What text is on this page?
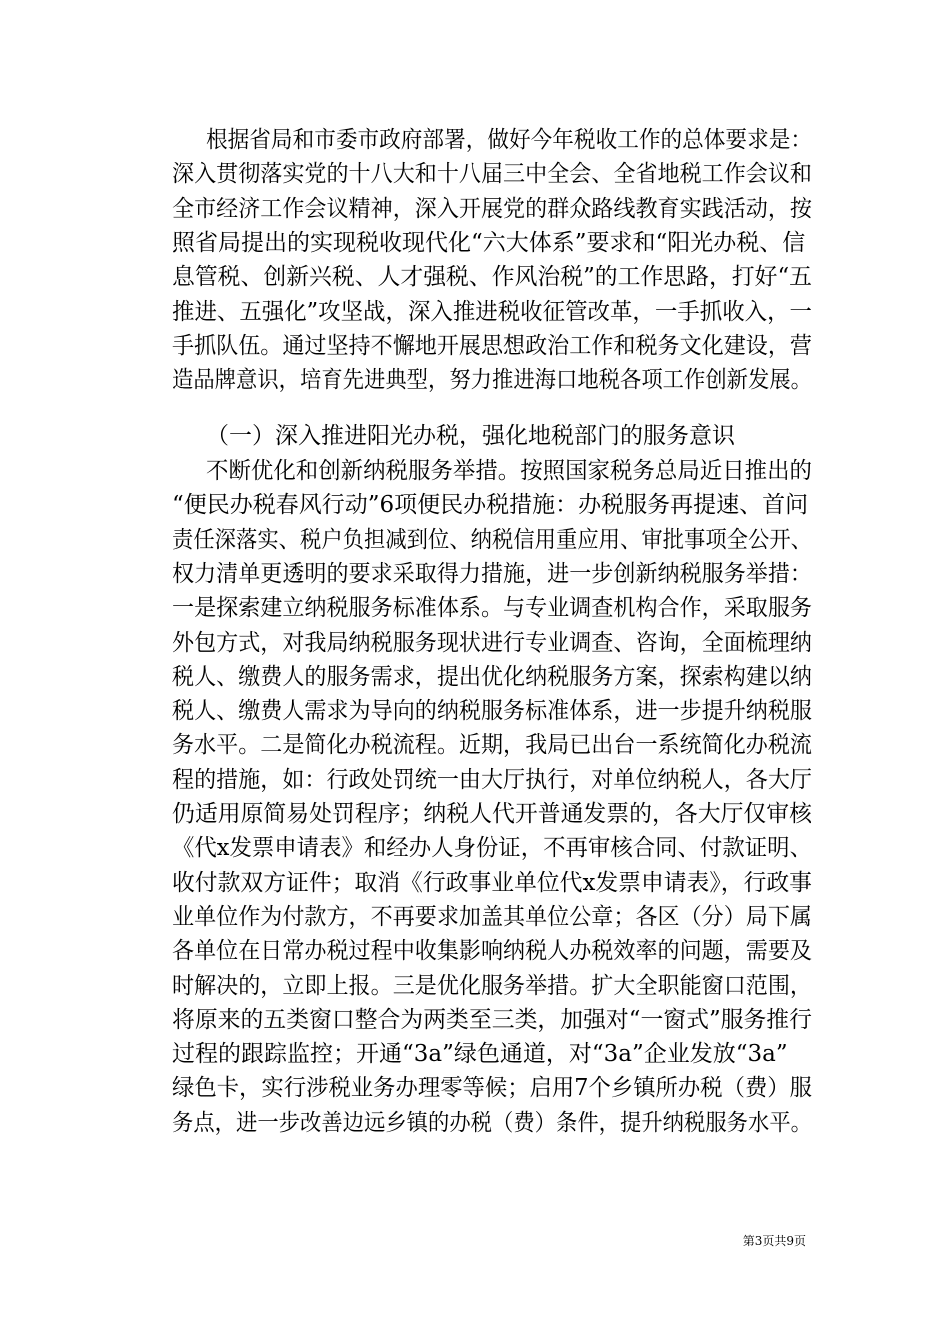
根据省局和市委市政府部署，做好今年税收工作的总体要求是：
深入贯彻落实党的十八大和十八届三中全会、全省地税工作会议和
全市经济工作会议精神，深入开展党的群众路线教育实践活动，按
照省局提出的实现税收现代化“六大体系”要求和“阳光办税、信
息管税、创新兴税、人才强税、作风治税”的工作思路，打好“五
推进、五强化”攻坚战，深入推进税收征管改革，一手抓收入，一
手抓队伍。通过坚持不懈地开展思想政治工作和税务文化建设，营
造品牌意识，培育先进典型，努力推进海口地税各项工作创新发展。
（一）深入推进阳光办税，强化地税部门的服务意识
不断优化和创新纳税服务举措。按照国家税务总局近日推出的
“便民办税春风行动”6项便民办税措施：办税服务再提速、首问
责任深落实、税户负担减到位、纳税信用重应用、审批事项全公开、
权力清单更透明的要求采取得力措施，进一步创新纳税服务举措：
一是探索建立纳税服务标准体系。与专业调查机构合作，采取服务
外包方式，对我局纳税服务现状进行专业调查、咨询，全面梳理纳
税人、缴费人的服务需求，提出优化纳税服务方案，探索构建以纳
税人、缴费人需求为导向的纳税服务标准体系，进一步提升纳税服
务水平。二是简化办税流程。近期，我局已出台一系统简化办税流
程的措施，如：行政处罚统一由大厅执行，对单位纳税人，各大厅
仍适用原简易处罚程序；纳税人代开普通发票的，各大厅仅审核
《代x发票申请表》和经办人身份证，不再审核合同、付款证明、
收付款双方证件；取消《行政事业单位代x发票申请表》，行政事
业单位作为付款方，不再要求加盖其单位公章；各区（分）局下属
各单位在日常办税过程中收集影响纳税人办税效率的问题，需要及
时解决的，立即上报。三是优化服务举措。扩大全职能窗口范围，
将原来的五类窗口整合为两类至三类，加强对“一窗式”服务推行
过程的跟踪监控；开通“3a”绿色通道，对“3a”企业发放“3a”
绿色卡，实行涉税业务办理零等候；启用7个乡镇所办税（费）服
务点，进一步改善边远乡镇的办税（费）条件，提升纳税服务水平。
第3页共9页
